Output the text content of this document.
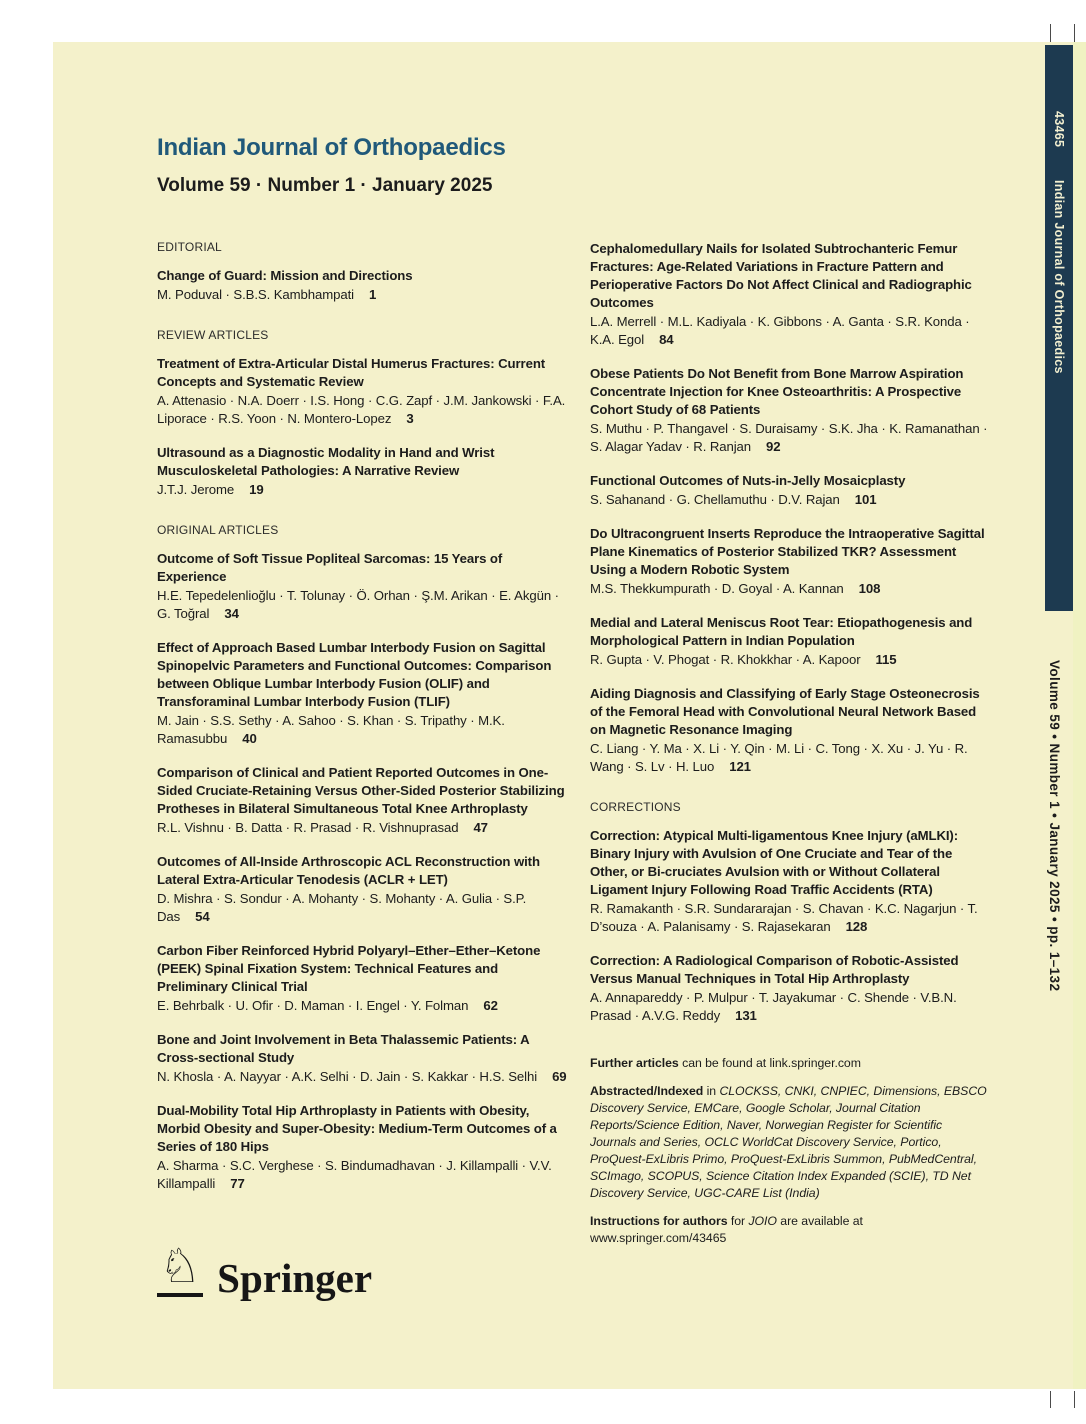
Indian Journal of Orthopaedics
Volume 59 · Number 1 · January 2025
EDITORIAL
Change of Guard: Mission and Directions
M. Poduval · S.B.S. Kambhampati 1
REVIEW ARTICLES
Treatment of Extra-Articular Distal Humerus Fractures: Current Concepts and Systematic Review
A. Attenasio · N.A. Doerr · I.S. Hong · C.G. Zapf · J.M. Jankowski · F.A. Liporace · R.S. Yoon · N. Montero-Lopez 3
Ultrasound as a Diagnostic Modality in Hand and Wrist Musculoskeletal Pathologies: A Narrative Review
J.T.J. Jerome 19
ORIGINAL ARTICLES
Outcome of Soft Tissue Popliteal Sarcomas: 15 Years of Experience
H.E. Tepedelenlioğlu · T. Tolunay · Ö. Orhan · Ş.M. Arikan · E. Akgün · G. Toğral 34
Effect of Approach Based Lumbar Interbody Fusion on Sagittal Spinopelvic Parameters and Functional Outcomes: Comparison between Oblique Lumbar Interbody Fusion (OLIF) and Transforaminal Lumbar Interbody Fusion (TLIF)
M. Jain · S.S. Sethy · A. Sahoo · S. Khan · S. Tripathy · M.K. Ramasubbu 40
Comparison of Clinical and Patient Reported Outcomes in One-Sided Cruciate-Retaining Versus Other-Sided Posterior Stabilizing Protheses in Bilateral Simultaneous Total Knee Arthroplasty
R.L. Vishnu · B. Datta · R. Prasad · R. Vishnuprasad 47
Outcomes of All-Inside Arthroscopic ACL Reconstruction with Lateral Extra-Articular Tenodesis (ACLR + LET)
D. Mishra · S. Sondur · A. Mohanty · S. Mohanty · A. Gulia · S.P. Das 54
Carbon Fiber Reinforced Hybrid Polyaryl–Ether–Ether–Ketone (PEEK) Spinal Fixation System: Technical Features and Preliminary Clinical Trial
E. Behrbalk · U. Ofir · D. Maman · I. Engel · Y. Folman 62
Bone and Joint Involvement in Beta Thalassemic Patients: A Cross-sectional Study
N. Khosla · A. Nayyar · A.K. Selhi · D. Jain · S. Kakkar · H.S. Selhi 69
Dual-Mobility Total Hip Arthroplasty in Patients with Obesity, Morbid Obesity and Super-Obesity: Medium-Term Outcomes of a Series of 180 Hips
A. Sharma · S.C. Verghese · S. Bindumadhavan · J. Killampalli · V.V. Killampalli 77
Cephalomedullary Nails for Isolated Subtrochanteric Femur Fractures: Age-Related Variations in Fracture Pattern and Perioperative Factors Do Not Affect Clinical and Radiographic Outcomes
L.A. Merrell · M.L. Kadiyala · K. Gibbons · A. Ganta · S.R. Konda · K.A. Egol 84
Obese Patients Do Not Benefit from Bone Marrow Aspiration Concentrate Injection for Knee Osteoarthritis: A Prospective Cohort Study of 68 Patients
S. Muthu · P. Thangavel · S. Duraisamy · S.K. Jha · K. Ramanathan · S. Alagar Yadav · R. Ranjan 92
Functional Outcomes of Nuts-in-Jelly Mosaicplasty
S. Sahanand · G. Chellamuthu · D.V. Rajan 101
Do Ultracongruent Inserts Reproduce the Intraoperative Sagittal Plane Kinematics of Posterior Stabilized TKR? Assessment Using a Modern Robotic System
M.S. Thekkumpurath · D. Goyal · A. Kannan 108
Medial and Lateral Meniscus Root Tear: Etiopathogenesis and Morphological Pattern in Indian Population
R. Gupta · V. Phogat · R. Khokkhar · A. Kapoor 115
Aiding Diagnosis and Classifying of Early Stage Osteonecrosis of the Femoral Head with Convolutional Neural Network Based on Magnetic Resonance Imaging
C. Liang · Y. Ma · X. Li · Y. Qin · M. Li · C. Tong · X. Xu · J. Yu · R. Wang · S. Lv · H. Luo 121
CORRECTIONS
Correction: Atypical Multi-ligamentous Knee Injury (aMLKI): Binary Injury with Avulsion of One Cruciate and Tear of the Other, or Bi-cruciates Avulsion with or Without Collateral Ligament Injury Following Road Traffic Accidents (RTA)
R. Ramakanth · S.R. Sundararajan · S. Chavan · K.C. Nagarjun · T. D’souza · A. Palanisamy · S. Rajasekaran 128
Correction: A Radiological Comparison of Robotic-Assisted Versus Manual Techniques in Total Hip Arthroplasty
A. Annapareddy · P. Mulpur · T. Jayakumar · C. Shende · V.B.N. Prasad · A.V.G. Reddy 131

Further articles can be found at link.springer.com

Abstracted/Indexed in CLOCKSS, CNKI, CNPIEC, Dimensions, EBSCO Discovery Service, EMCare, Google Scholar, Journal Citation Reports/Science Edition, Naver, Norwegian Register for Scientific Journals and Series, OCLC WorldCat Discovery Service, Portico, ProQuest-ExLibris Primo, ProQuest-ExLibris Summon, PubMedCentral, SCImago, SCOPUS, Science Citation Index Expanded (SCIE), TD Net Discovery Service, UGC-CARE List (India)

Instructions for authors for JOIO are available at www.springer.com/43465

♘ Springer
43465
Indian Journal of Orthopaedics
Volume 59 • Number 1 • January 2025 • pp. 1–132
